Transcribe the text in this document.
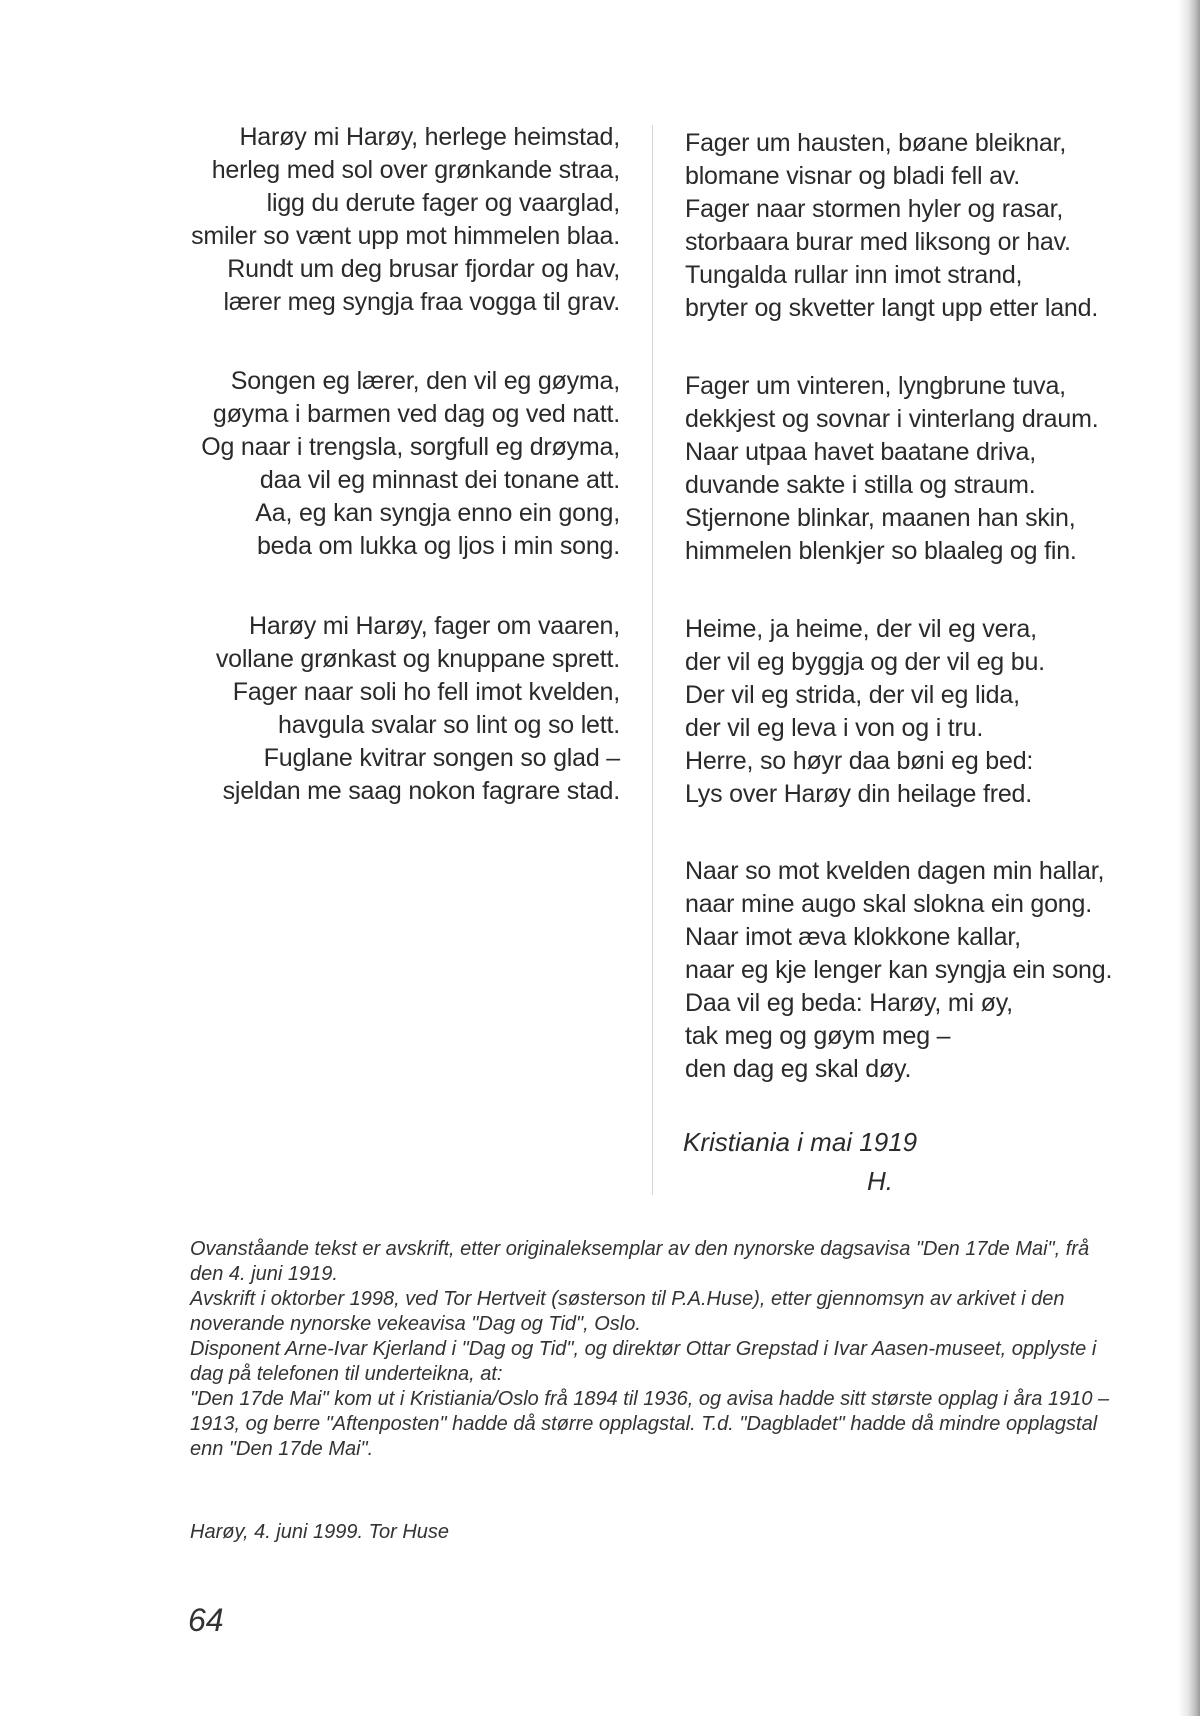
Harøy mi Harøy, herlege heimstad,
herleg med sol over grønkande straa,
ligg du derute fager og vaarglad,
smiler so vænt upp mot himmelen blaa.
Rundt um deg brusar fjordar og hav,
lærer meg syngja fraa vogga til grav.
Songen eg lærer, den vil eg gøyma,
gøyma i barmen ved dag og ved natt.
Og naar i trengsla, sorgfull eg drøyma,
daa vil eg minnast dei tonane att.
Aa, eg kan syngja enno ein gong,
beda om lukka og ljos i min song.
Harøy mi Harøy, fager om vaaren,
vollane grønkast og knuppane sprett.
Fager naar soli ho fell imot kvelden,
havgula svalar so lint og so lett.
Fuglane kvitrar songen so glad –
sjeldan me saag nokon fagrare stad.
Fager um hausten, bøane bleiknar,
blomane visnar og bladi fell av.
Fager naar stormen hyler og rasar,
storbaara burar med liksong or hav.
Tungalda rullar inn imot strand,
bryter og skvetter langt upp etter land.
Fager um vinteren, lyngbrune tuva,
dekkjest og sovnar i vinterlang draum.
Naar utpaa havet baatane driva,
duvande sakte i stilla og straum.
Stjernone blinkar, maanen han skin,
himmelen blenkjer so blaaleg og fin.
Heime, ja heime, der vil eg vera,
der vil eg byggja og der vil eg bu.
Der vil eg strida, der vil eg lida,
der vil eg leva i von og i tru.
Herre, so høyr daa bøni eg bed:
Lys over Harøy din heilage fred.
Naar so mot kvelden dagen min hallar,
naar mine augo skal slokna ein gong.
Naar imot æva klokkone kallar,
naar eg kje lenger kan syngja ein song.
Daa vil eg beda: Harøy, mi øy,
tak meg og gøym meg –
den dag eg skal døy.
Kristiania i mai 1919
H.

Ovanståande tekst er avskrift, etter originaleksemplar av den nynorske dagsavisa "Den 17de Mai", frå den 4. juni 1919.

Avskrift i oktorber 1998, ved Tor Hertveit (søsterson til P.A.Huse), etter gjennomsyn av arkivet i den noverande nynorske vekeavisa "Dag og Tid", Oslo.

Disponent Arne-Ivar Kjerland i "Dag og Tid", og direktør Ottar Grepstad i Ivar Aasen-museet, opplyste i dag på telefonen til underteikna, at:

"Den 17de Mai" kom ut i Kristiania/Oslo frå 1894 til 1936, og avisa hadde sitt største opplag i åra 1910 – 1913, og berre "Aftenposten" hadde då større opplagstal. T.d. "Dagbladet" hadde då mindre opplagstal enn "Den 17de Mai".

Harøy, 4. juni 1999. Tor Huse
64
